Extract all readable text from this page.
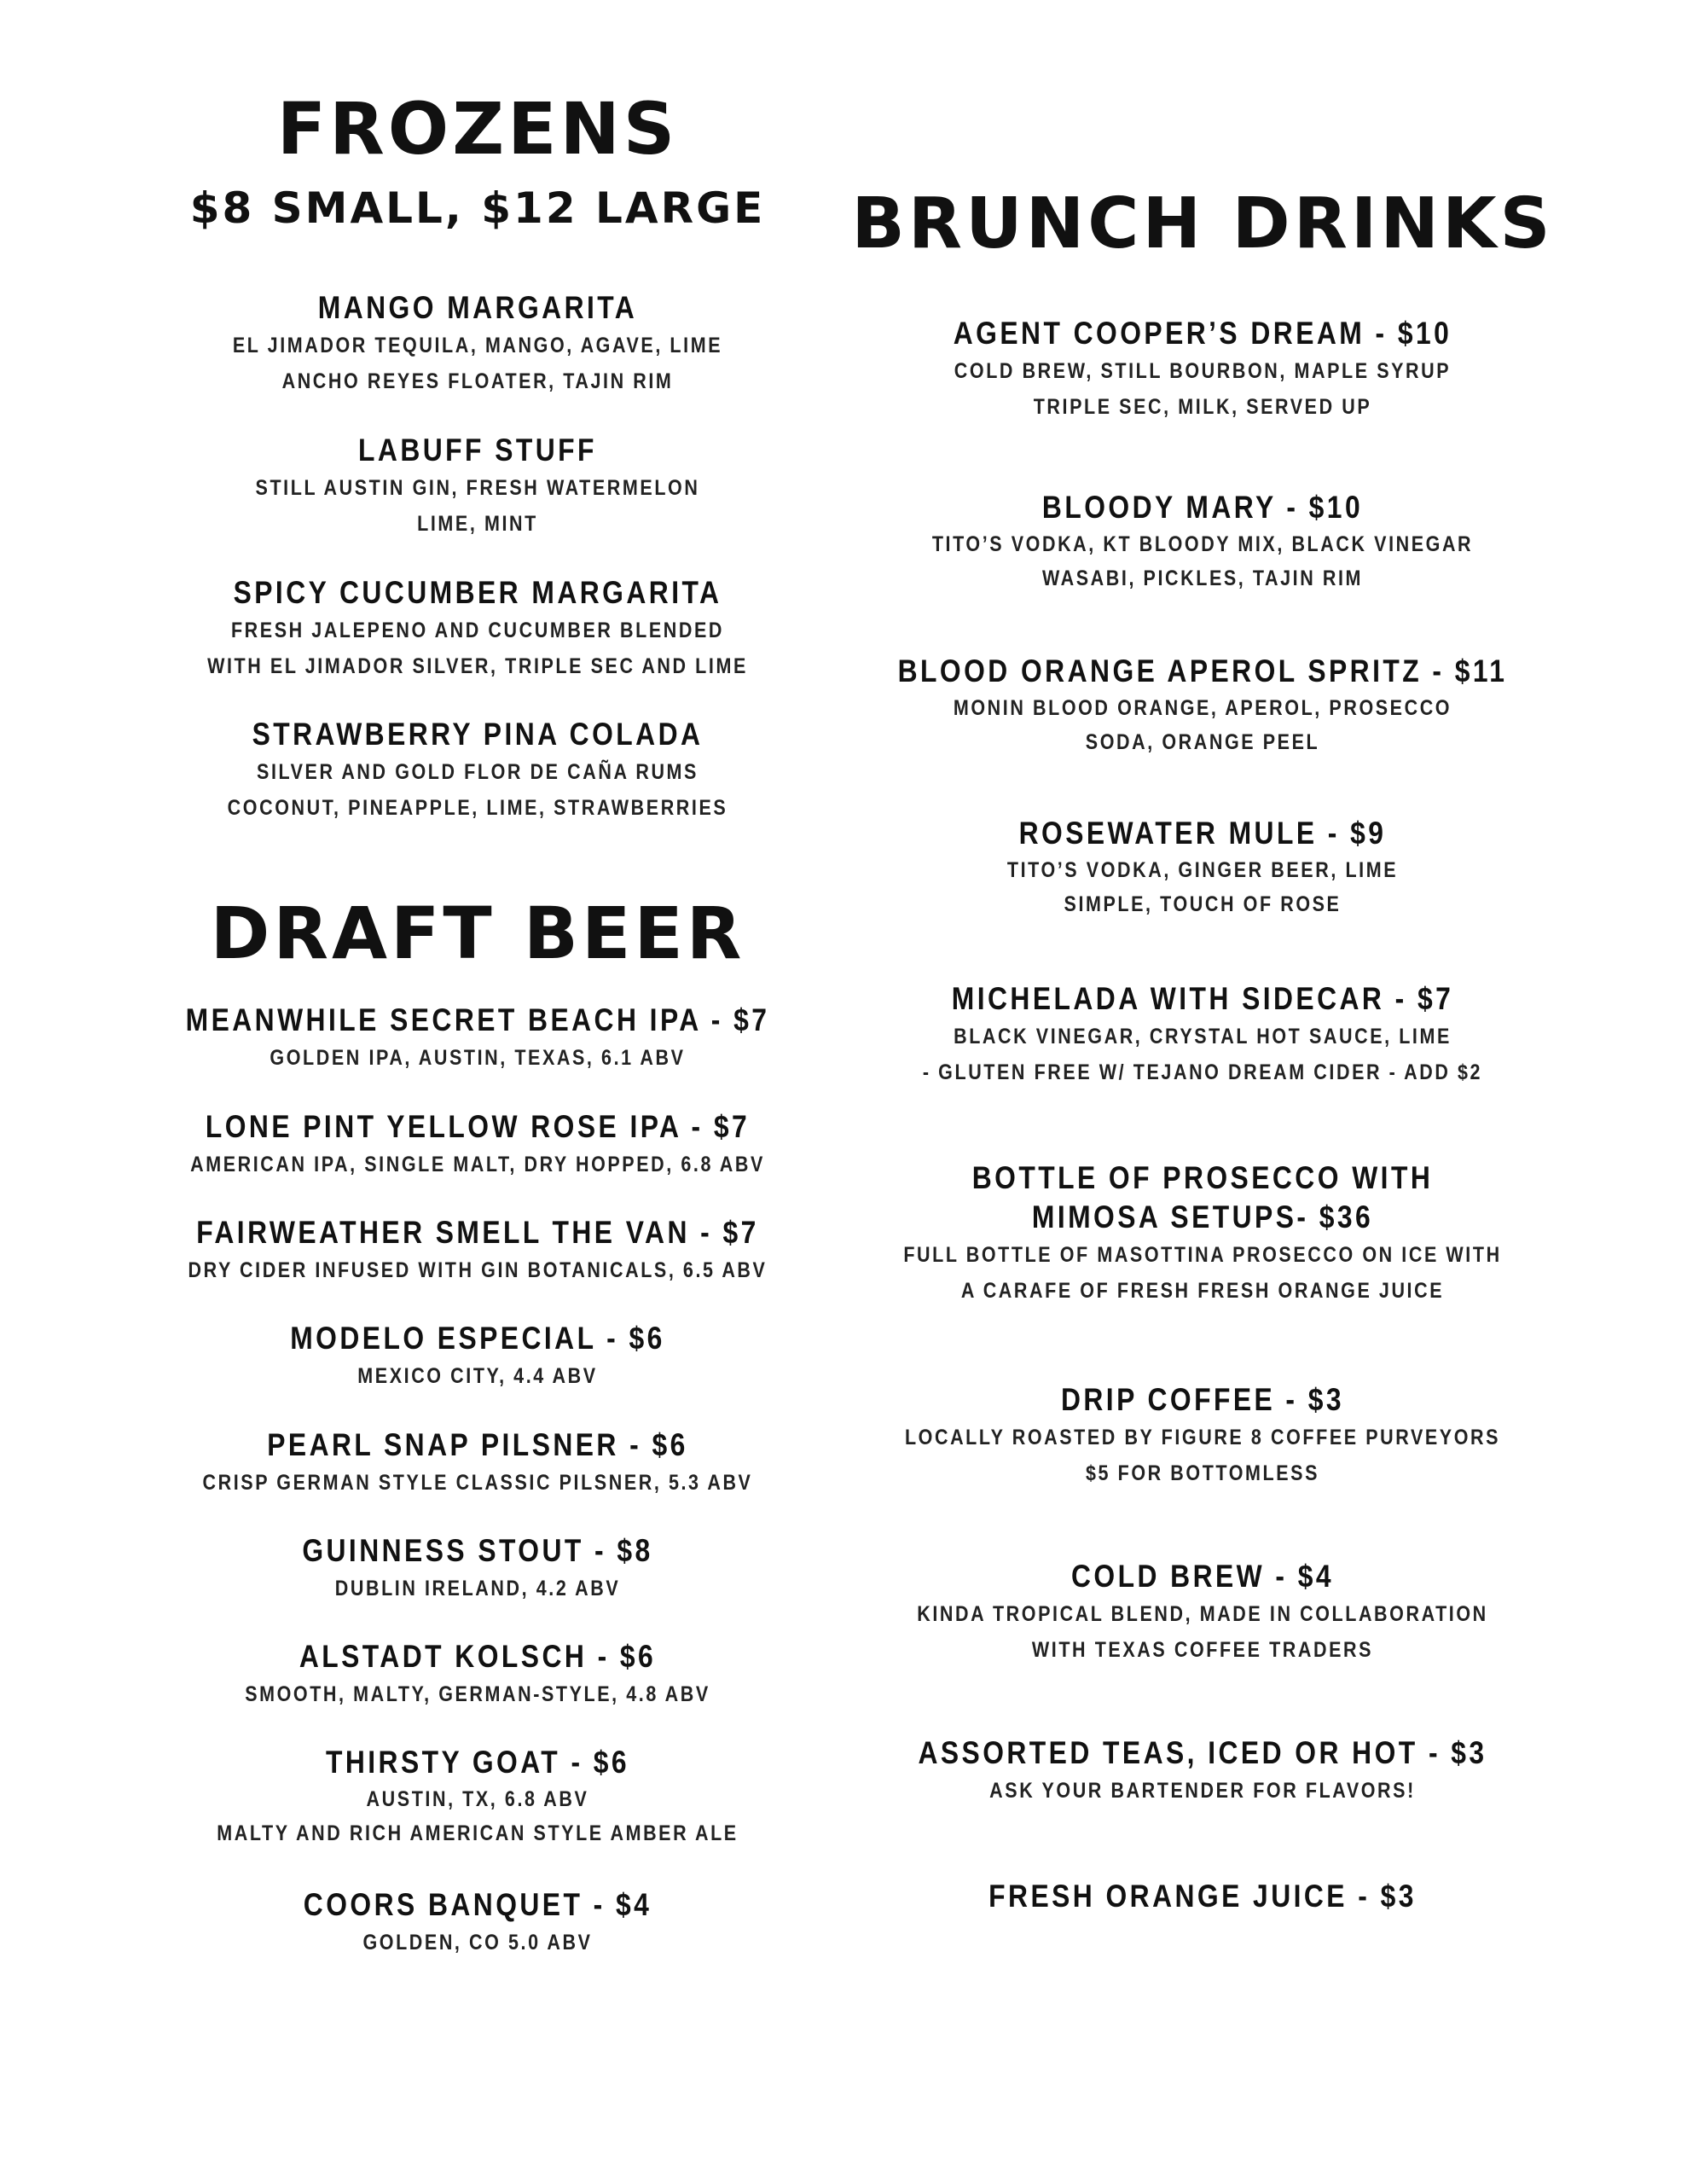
FROZENS
$8 SMALL, $12 LARGE
MANGO MARGARITA
EL JIMADOR TEQUILA, MANGO, AGAVE, LIME
ANCHO REYES FLOATER, TAJIN RIM
LABUFF STUFF
STILL AUSTIN GIN, FRESH WATERMELON
LIME, MINT
SPICY CUCUMBER MARGARITA
FRESH JALEPENO AND CUCUMBER BLENDED
WITH EL JIMADOR SILVER, TRIPLE SEC AND LIME
STRAWBERRY PINA COLADA
SILVER AND GOLD FLOR DE CAÑA RUMS
COCONUT, PINEAPPLE, LIME, STRAWBERRIES
DRAFT BEER
MEANWHILE SECRET BEACH IPA - $7
GOLDEN IPA, AUSTIN, TEXAS, 6.1 ABV
LONE PINT YELLOW ROSE IPA - $7
AMERICAN IPA, SINGLE MALT, DRY HOPPED, 6.8 ABV
FAIRWEATHER SMELL THE VAN - $7
DRY CIDER INFUSED WITH GIN BOTANICALS, 6.5 ABV
MODELO ESPECIAL - $6
MEXICO CITY, 4.4 ABV
PEARL SNAP PILSNER - $6
CRISP GERMAN STYLE CLASSIC PILSNER, 5.3 ABV
GUINNESS STOUT - $8
DUBLIN IRELAND, 4.2 ABV
ALSTADT KOLSCH - $6
SMOOTH, MALTY, GERMAN-STYLE, 4.8 ABV
THIRSTY GOAT - $6
AUSTIN, TX, 6.8 ABV
MALTY AND RICH AMERICAN STYLE AMBER ALE
COORS BANQUET - $4
GOLDEN, CO 5.0 ABV
BRUNCH DRINKS
AGENT COOPER’S DREAM - $10
COLD BREW, STILL BOURBON, MAPLE SYRUP
TRIPLE SEC, MILK, SERVED UP
BLOODY MARY - $10
TITO’S VODKA, KT BLOODY MIX, BLACK VINEGAR
WASABI, PICKLES, TAJIN RIM
BLOOD ORANGE APEROL SPRITZ - $11
MONIN BLOOD ORANGE, APEROL, PROSECCO
SODA, ORANGE PEEL
ROSEWATER MULE - $9
TITO’S VODKA, GINGER BEER, LIME
SIMPLE, TOUCH OF ROSE
MICHELADA WITH SIDECAR - $7
BLACK VINEGAR, CRYSTAL HOT SAUCE, LIME
- GLUTEN FREE W/ TEJANO DREAM CIDER - ADD $2
BOTTLE OF PROSECCO WITH
MIMOSA SETUPS- $36
FULL BOTTLE OF MASOTTINA PROSECCO ON ICE WITH
A CARAFE OF FRESH FRESH ORANGE JUICE
DRIP COFFEE - $3
LOCALLY ROASTED BY FIGURE 8 COFFEE PURVEYORS
$5 FOR BOTTOMLESS
COLD BREW - $4
KINDA TROPICAL BLEND, MADE IN COLLABORATION
WITH TEXAS COFFEE TRADERS
ASSORTED TEAS, ICED OR HOT - $3
ASK YOUR BARTENDER FOR FLAVORS!
FRESH ORANGE JUICE - $3
